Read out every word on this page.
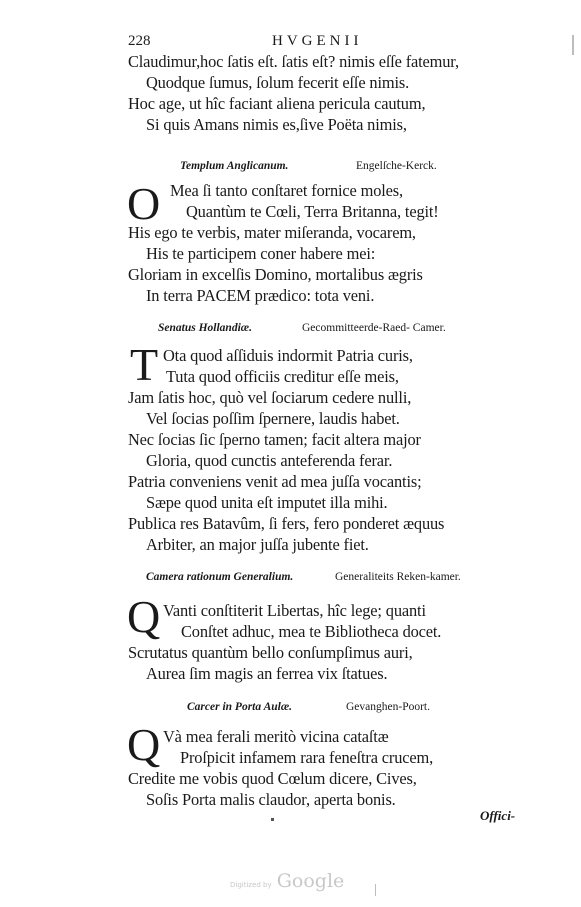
228	HVGENII
Claudimur,hoc ſatis eſt. ſatis eſt? nimis eſſe fatemur,
Quodque ſumus, ſolum fecerit eſſe nimis.
Hoc age, ut hîc faciant aliena pericula cautum,
Si quis Amans nimis es,ſive Poëta nimis,
Templum Anglicanum.	Engelſche-Kerck.
O Mea ſi tanto conſtaret fornice moles,
Quantùm te Cœli, Terra Britanna, tegit!
His ego te verbis, mater miſeranda, vocarem,
His te participem coner habere mei:
Gloriam in excelſis Domino, mortalibus ægris
In terra PACEM prædico: tota veni.
Senatus Hollandiæ.	Gecommitteerde-Raed- Camer.
T Ota quod aſſiduis indormit Patria curis,
Tuta quod officiis creditur eſſe meis,
Jam ſatis hoc, quò vel ſociarum cedere nulli,
Vel ſocias poſſim ſpernere, laudis habet.
Nec ſocias ſic ſperno tamen; facit altera major
Gloria, quod cunctis anteferenda ferar.
Patria conveniens venit ad mea juſſa vocantis;
Sæpe quod unita eſt imputet illa mihi.
Publica res Batavûm, ſi fers, fero ponderet æquus
Arbiter, an major juſſa jubente fiet.
Camera rationum Generalium.	Generaliteits Reken-kamer.
Q Vanti conſtiterit Libertas, hîc lege; quanti
Conſtet adhuc, mea te Bibliotheca docet.
Scrutatus quantùm bello conſumpſimus auri,
Aurea ſim magis an ferrea vix ſtatues.
Carcer in Porta Aulæ.	Gevanghen-Poort.
Q Và mea ferali meritò vicina cataſtæ
Proſpicit infamem rara feneſtra crucem,
Credite me vobis quod Cœlum dicere, Cives,
Soſis Porta malis claudor, aperta bonis.
Offici-
Digitized by Google
